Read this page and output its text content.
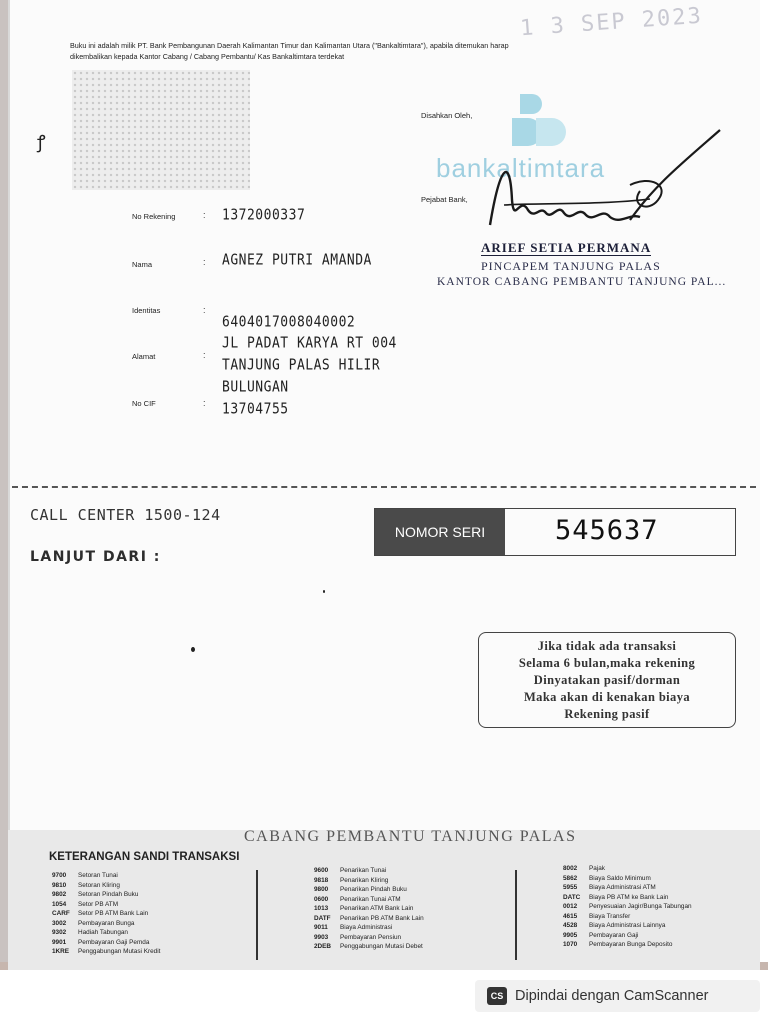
1 3 SEP 2023
Buku ini adalah milik PT. Bank Pembangunan Daerah Kalimantan Timur dan Kalimantan Utara ("Bankaltimtara"), apabila ditemukan harap dikembalikan kepada Kantor Cabang / Cabang Pembantu/ Kas Bankaltimtara terdekat
ꝭ
Disahkan Oleh,
bankaltimtara
Pejabat Bank,
ARIEF SETIA PERMANA
PINCAPEM TANJUNG PALAS
KANTOR CABANG PEMBANTU TANJUNG PAL...
No Rekening	: 1372000337
Nama	: AGNEZ PUTRI AMANDA
Identitas	:
6404017008040002
Alamat	:
JL PADAT KARYA RT 004
TANJUNG PALAS HILIR
BULUNGAN
No CIF	: 13704755
CALL CENTER 1500-124
LANJUT DARI :
NOMOR SERI	545637
Jika tidak ada transaksi
Selama 6 bulan,maka rekening
Dinyatakan pasif/dorman
Maka akan di kenakan biaya
Rekening pasif
CABANG PEMBANTU TANJUNG PALAS
KETERANGAN SANDI TRANSAKSI
9700	Setoran Tunai
9810	Setoran Kliring
9802	Setoran Pindah Buku
1054	Setor PB ATM
CARF	Setor PB ATM Bank Lain
3002	Pembayaran Bunga
9302	Hadiah Tabungan
9901	Pembayaran Gaji Pemda
1KRE	Penggabungan Mutasi Kredit
9600	Penarikan Tunai
9818	Penarikan Kliring
9800	Penarikan Pindah Buku
0600	Penarikan Tunai ATM
1013	Penarikan ATM Bank Lain
DATF	Penarikan PB ATM Bank Lain
9011	Biaya Administrasi
9903	Pembayaran Pensiun
2DEB	Penggabungan Mutasi Debet
8002	Pajak
5862	Biaya Saldo Minimum
5955	Biaya Administrasi ATM
DATC	Biaya PB ATM ke Bank Lain
0012	Penyesuaian Jagir/Bunga Tabungan
4615	Biaya Transfer
4528	Biaya Administrasi Lainnya
9905	Pembayaran Gaji
1070	Pembayaran Bunga Deposito
CS Dipindai dengan CamScanner
